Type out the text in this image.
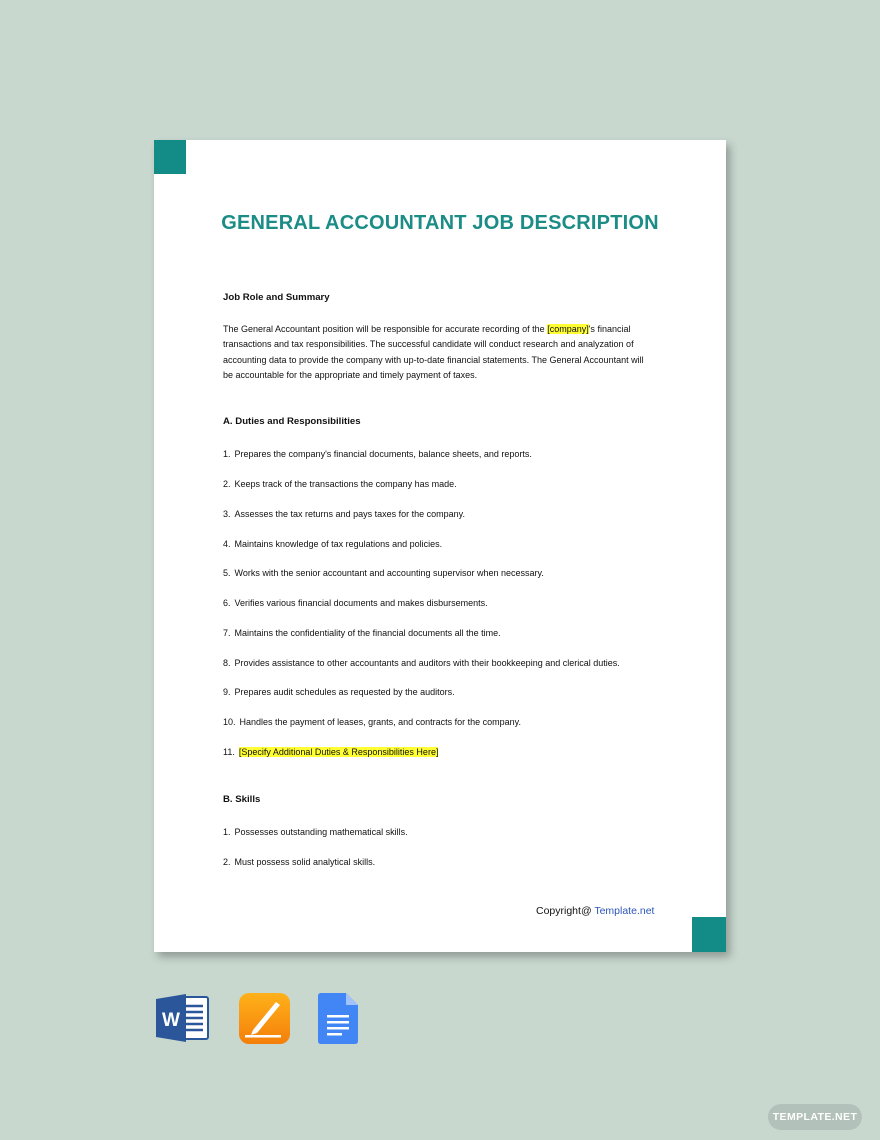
GENERAL ACCOUNTANT JOB DESCRIPTION
Job Role and Summary
The General Accountant position will be responsible for accurate recording of the [company]'s financial transactions and tax responsibilities. The successful candidate will conduct research and analyzation of accounting data to provide the company with up-to-date financial statements. The General Accountant will be accountable for the appropriate and timely payment of taxes.
A. Duties and Responsibilities
1. Prepares the company's financial documents, balance sheets, and reports.
2. Keeps track of the transactions the company has made.
3. Assesses the tax returns and pays taxes for the company.
4. Maintains knowledge of tax regulations and policies.
5. Works with the senior accountant and accounting supervisor when necessary.
6. Verifies various financial documents and makes disbursements.
7. Maintains the confidentiality of the financial documents all the time.
8. Provides assistance to other accountants and auditors with their bookkeeping and clerical duties.
9. Prepares audit schedules as requested by the auditors.
10. Handles the payment of leases, grants, and contracts for the company.
11. [Specify Additional Duties & Responsibilities Here]
B. Skills
1. Possesses outstanding mathematical skills.
2. Must possess solid analytical skills.
Copyright@ Template.net
W
TEMPLATE.NET
